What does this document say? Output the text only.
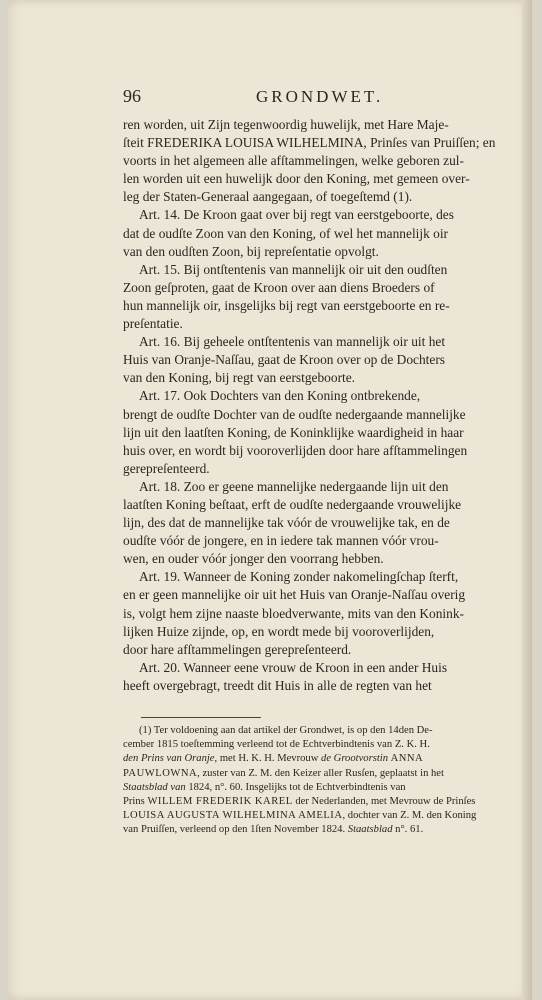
96	GRONDWET.

ren worden, uit Zijn tegenwoordig huwelijk, met Hare Maje-
ſteit FREDERIKA LOUISA WILHELMINA, Prinſes van Pruiſſen; en
voorts in het algemeen alle afſtammelingen, welke geboren zul-
len worden uit een huwelijk door den Koning, met gemeen over-
leg der Staten-Generaal aangegaan, of toegeſtemd (1).

Art. 14. De Kroon gaat over bij regt van eerstgeboorte, des
dat de oudſte Zoon van den Koning, of wel het mannelijk oir
van den oudſten Zoon, bij repreſentatie opvolgt.

Art. 15. Bij ontſtentenis van mannelijk oir uit den oudſten
Zoon geſproten, gaat de Kroon over aan diens Broeders of
hun mannelijk oir, insgelijks bij regt van eerstgeboorte en re-
preſentatie.

Art. 16. Bij geheele ontſtentenis van mannelijk oir uit het
Huis van Oranje-Naſſau, gaat de Kroon over op de Dochters
van den Koning, bij regt van eerstgeboorte.

Art. 17. Ook Dochters van den Koning ontbrekende,
brengt de oudſte Dochter van de oudſte nedergaande mannelijke
lijn uit den laatſten Koning, de Koninklijke waardigheid in haar
huis over, en wordt bij vooroverlijden door hare afſtammelingen
gerepreſenteerd.

Art. 18. Zoo er geene mannelijke nedergaande lijn uit den
laatſten Koning beſtaat, erft de oudſte nedergaande vrouwelijke
lijn, des dat de mannelijke tak vóór de vrouwelijke tak, en de
oudſte vóór de jongere, en in iedere tak mannen vóór vrou-
wen, en ouder vóór jonger den voorrang hebben.

Art. 19. Wanneer de Koning zonder nakomelingſchap ſterft,
en er geen mannelijke oir uit het Huis van Oranje-Naſſau overig
is, volgt hem zijne naaste bloedverwante, mits van den Konink-
lijken Huize zijnde, op, en wordt mede bij vooroverlijden,
door hare afſtammelingen gerepreſenteerd.

Art. 20. Wanneer eene vrouw de Kroon in een ander Huis
heeft overgebragt, treedt dit Huis in alle de regten van het

(1) Ter voldoening aan dat artikel der Grondwet, is op den 14den De-
cember 1815 toeſtemming verleend tot de Echtverbindtenis van Z. K. H.
den Prins van Oranje, met H. K. H. Mevrouw de Grootvorstin ANNA
PAUWLOWNA, zuster van Z. M. den Keizer aller Rusſen, geplaatst in het
Staatsblad van 1824, n°. 60. Insgelijks tot de Echtverbindtenis van
Prins WILLEM FREDERIK KAREL der Nederlanden, met Mevrouw de Prinſes
LOUISA AUGUSTA WILHELMINA AMELIA, dochter van Z. M. den Koning
van Pruiſſen, verleend op den 1ſten November 1824. Staatsblad n°. 61.
